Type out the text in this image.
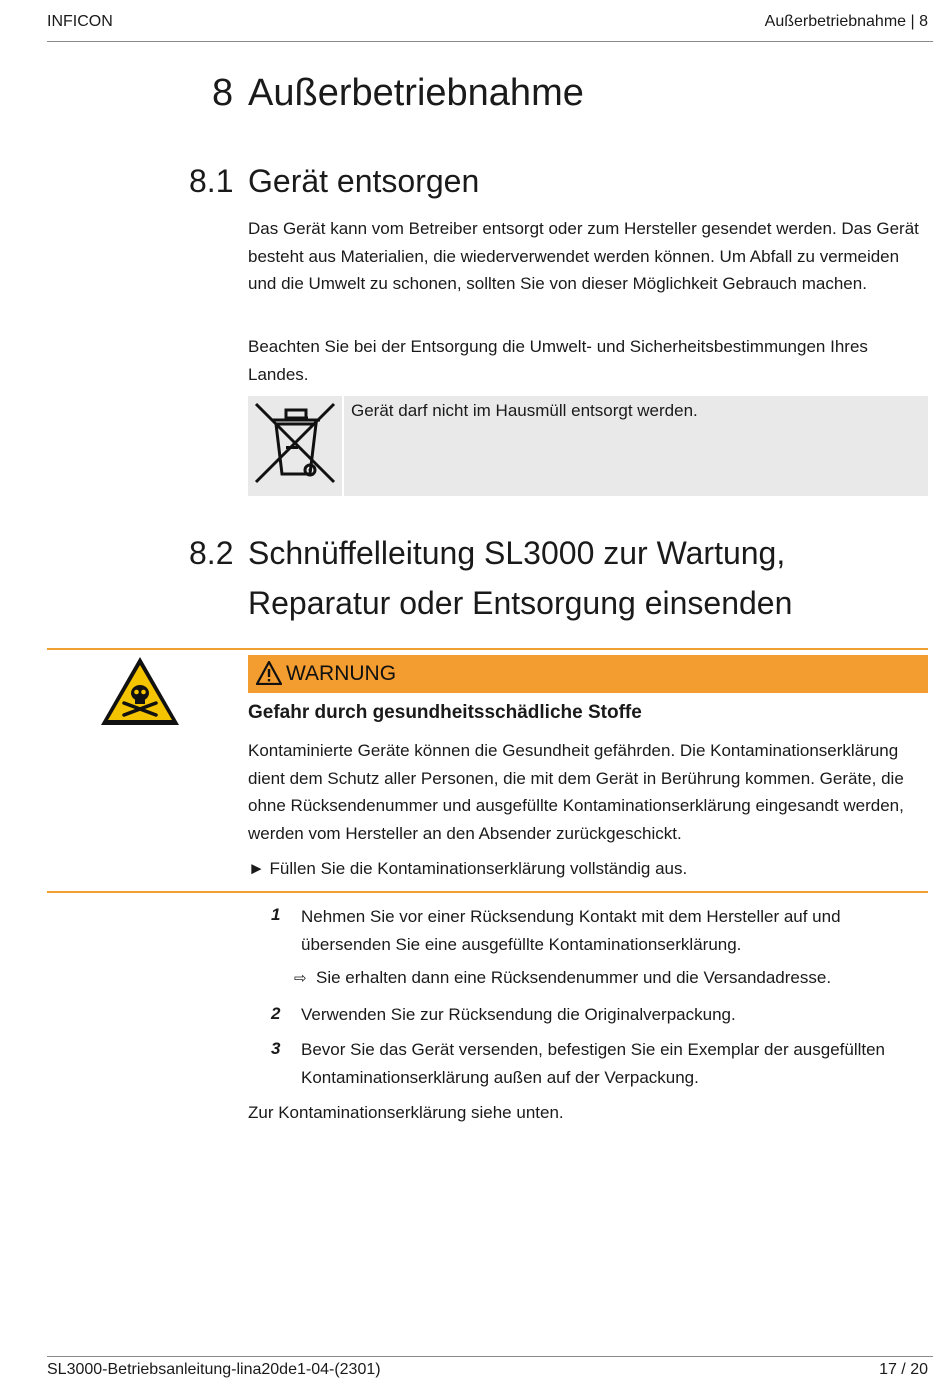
INFICON	Außerbetriebnahme | 8
8 Außerbetriebnahme
8.1 Gerät entsorgen
Das Gerät kann vom Betreiber entsorgt oder zum Hersteller gesendet werden. Das Gerät besteht aus Materialien, die wiederverwendet werden können. Um Abfall zu vermeiden und die Umwelt zu schonen, sollten Sie von dieser Möglichkeit Gebrauch machen.
Beachten Sie bei der Entsorgung die Umwelt- und Sicherheitsbestimmungen Ihres Landes.
Gerät darf nicht im Hausmüll entsorgt werden.
8.2 Schnüffelleitung SL3000 zur Wartung,
Reparatur oder Entsorgung einsenden
WARNUNG
Gefahr durch gesundheitsschädliche Stoffe
Kontaminierte Geräte können die Gesundheit gefährden. Die Kontaminationserklärung dient dem Schutz aller Personen, die mit dem Gerät in Berührung kommen. Geräte, die ohne Rücksendenummer und ausgefüllte Kontaminationserklärung eingesandt werden, werden vom Hersteller an den Absender zurückgeschickt.
► Füllen Sie die Kontaminationserklärung vollständig aus.
1 Nehmen Sie vor einer Rücksendung Kontakt mit dem Hersteller auf und übersenden Sie eine ausgefüllte Kontaminationserklärung.
⇨ Sie erhalten dann eine Rücksendenummer und die Versandadresse.
2 Verwenden Sie zur Rücksendung die Originalverpackung.
3 Bevor Sie das Gerät versenden, befestigen Sie ein Exemplar der ausgefüllten Kontaminationserklärung außen auf der Verpackung.
Zur Kontaminationserklärung siehe unten.
SL3000-Betriebsanleitung-lina20de1-04-(2301)	17 / 20
